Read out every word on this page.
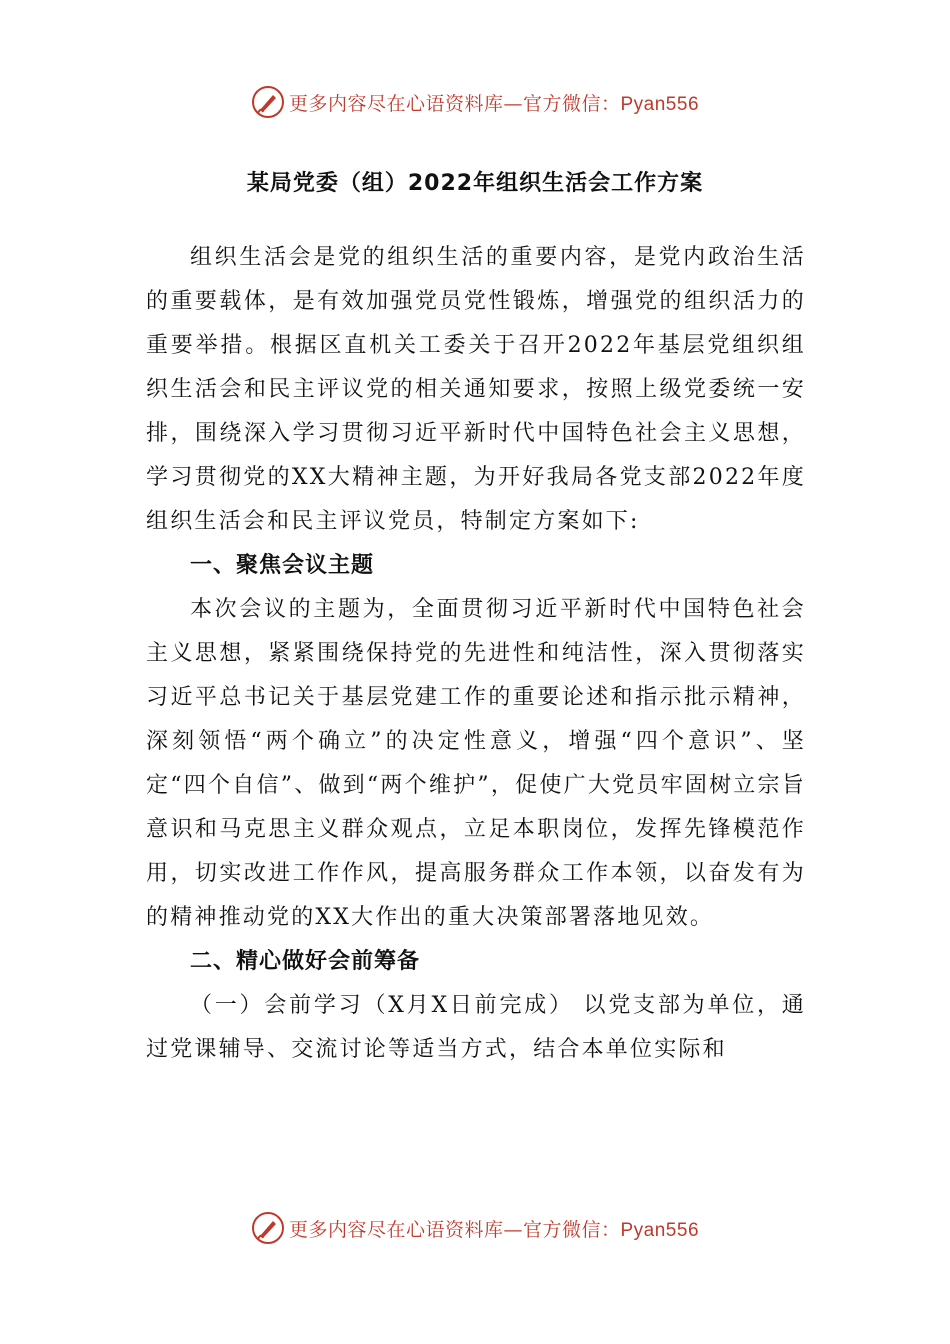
更多内容尽在心语资料库—官方微信：Pyan556
某局党委（组）2022年组织生活会工作方案

组织生活会是党的组织生活的重要内容，是党内政治生活的重要载体，是有效加强党员党性锻炼，增强党的组织活力的重要举措。根据区直机关工委关于召开2022年基层党组织组织生活会和民主评议党的相关通知要求，按照上级党委统一安排，围绕深入学习贯彻习近平新时代中国特色社会主义思想，学习贯彻党的XX大精神主题，为开好我局各党支部2022年度组织生活会和民主评议党员，特制定方案如下:

一、聚焦会议主题

本次会议的主题为，全面贯彻习近平新时代中国特色社会主义思想，紧紧围绕保持党的先进性和纯洁性，深入贯彻落实习近平总书记关于基层党建工作的重要论述和指示批示精神，深刻领悟“两个确立”的决定性意义，增强“四个意识”、坚定“四个自信”、做到“两个维护”，促使广大党员牢固树立宗旨意识和马克思主义群众观点，立足本职岗位，发挥先锋模范作用，切实改进工作作风，提高服务群众工作本领，以奋发有为的精神推动党的XX大作出的重大决策部署落地见效。

二、精心做好会前筹备

（一）会前学习（X月X日前完成） 以党支部为单位，通过党课辅导、交流讨论等适当方式，结合本单位实际和

更多内容尽在心语资料库—官方微信：Pyan556
